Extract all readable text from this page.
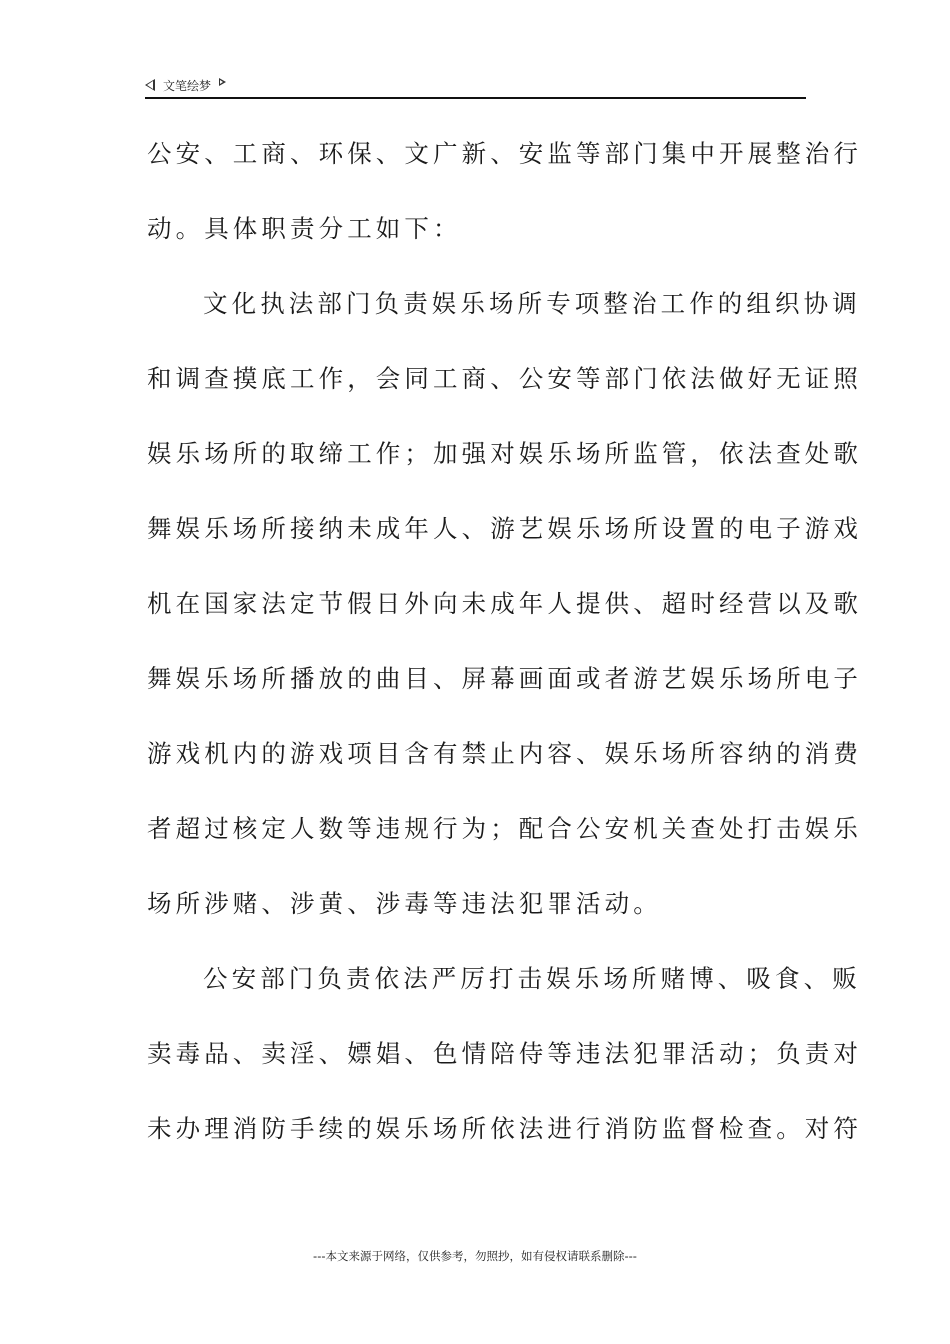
文笔绘梦
公安、工商、环保、文广新、安监等部门集中开展整治行
动。具体职责分工如下：
文化执法部门负责娱乐场所专项整治工作的组织协调
和调查摸底工作，会同工商、公安等部门依法做好无证照
娱乐场所的取缔工作；加强对娱乐场所监管，依法查处歌
舞娱乐场所接纳未成年人、游艺娱乐场所设置的电子游戏
机在国家法定节假日外向未成年人提供、超时经营以及歌
舞娱乐场所播放的曲目、屏幕画面或者游艺娱乐场所电子
游戏机内的游戏项目含有禁止内容、娱乐场所容纳的消费
者超过核定人数等违规行为；配合公安机关查处打击娱乐
场所涉赌、涉黄、涉毒等违法犯罪活动。
公安部门负责依法严厉打击娱乐场所赌博、吸食、贩
卖毒品、卖淫、嫖娼、色情陪侍等违法犯罪活动；负责对
未办理消防手续的娱乐场所依法进行消防监督检查。对符
---本文来源于网络，仅供参考，勿照抄，如有侵权请联系删除---
